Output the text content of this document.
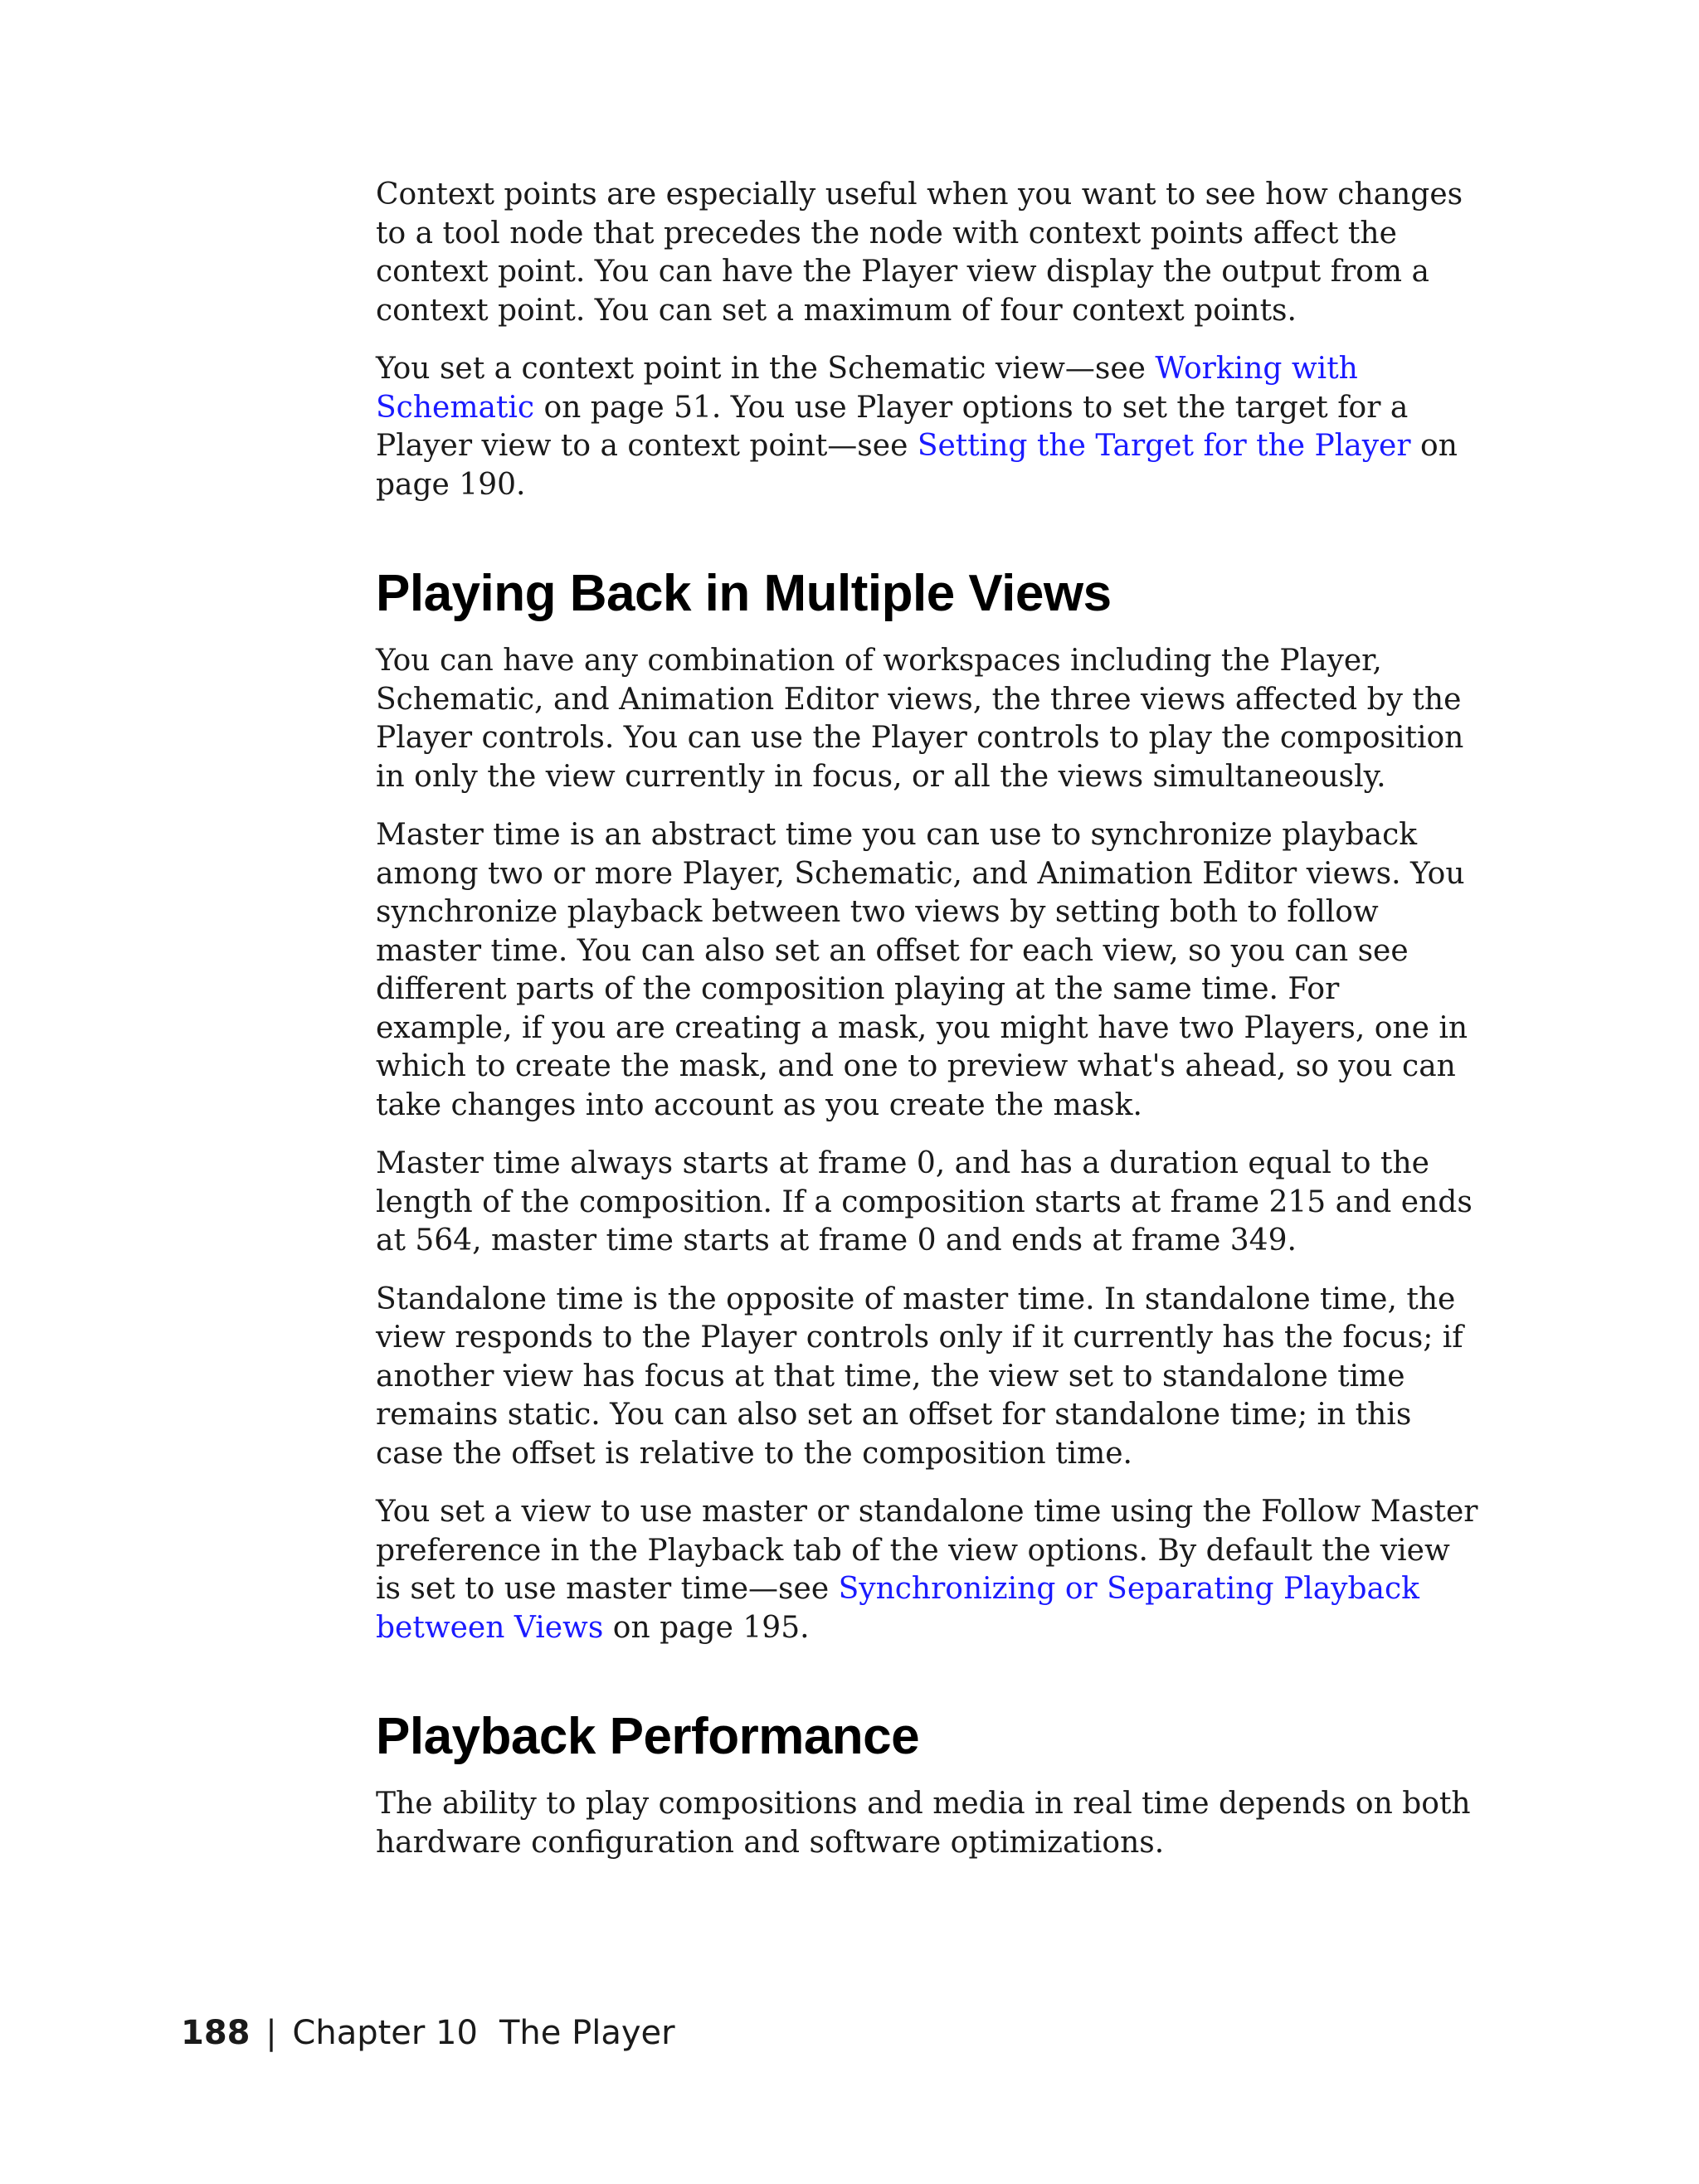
Context points are especially useful when you want to see how changes to a tool node that precedes the node with context points affect the context point. You can have the Player view display the output from a context point. You can set a maximum of four context points.

You set a context point in the Schematic view—see Working with Schematic on page 51. You use Player options to set the target for a Player view to a context point—see Setting the Target for the Player on page 190.

Playing Back in Multiple Views

You can have any combination of workspaces including the Player, Schematic, and Animation Editor views, the three views affected by the Player controls. You can use the Player controls to play the composition in only the view currently in focus, or all the views simultaneously.

Master time is an abstract time you can use to synchronize playback among two or more Player, Schematic, and Animation Editor views. You synchronize playback between two views by setting both to follow master time. You can also set an offset for each view, so you can see different parts of the composition playing at the same time. For example, if you are creating a mask, you might have two Players, one in which to create the mask, and one to preview what's ahead, so you can take changes into account as you create the mask.

Master time always starts at frame 0, and has a duration equal to the length of the composition. If a composition starts at frame 215 and ends at 564, master time starts at frame 0 and ends at frame 349.

Standalone time is the opposite of master time. In standalone time, the view responds to the Player controls only if it currently has the focus; if another view has focus at that time, the view set to standalone time remains static. You can also set an offset for standalone time; in this case the offset is relative to the composition time.

You set a view to use master or standalone time using the Follow Master preference in the Playback tab of the view options. By default the view is set to use master time—see Synchronizing or Separating Playback between Views on page 195.

Playback Performance

The ability to play compositions and media in real time depends on both hardware configuration and software optimizations.

188 | Chapter 10 The Player
